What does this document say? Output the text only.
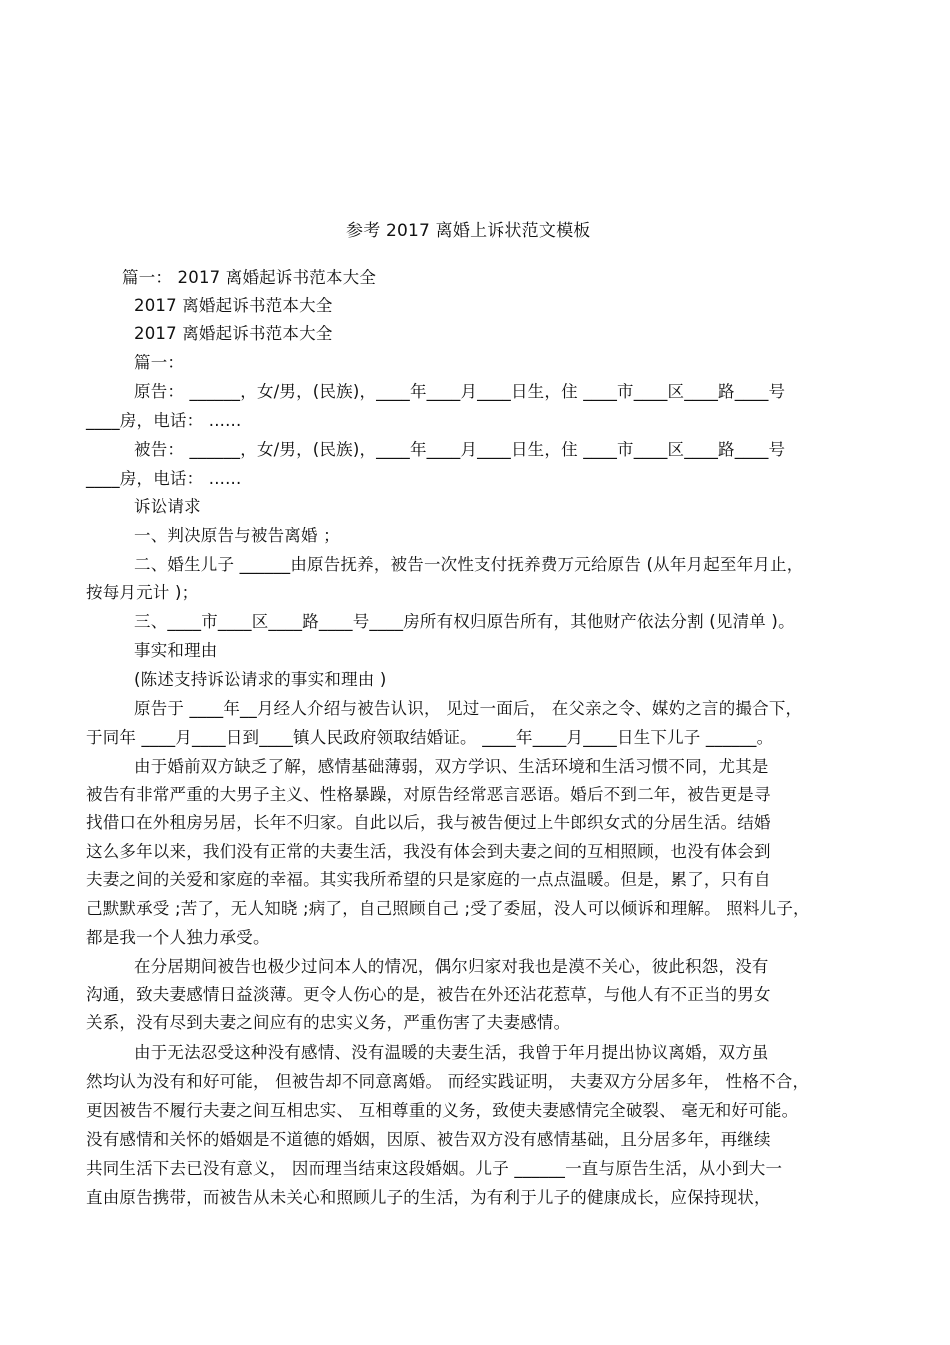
参考 2017 离婚上诉状范文模板
篇一： 2017 离婚起诉书范本大全
2017 离婚起诉书范本大全
2017 离婚起诉书范本大全
篇一：
原告： ______，女/男，(民族)，____年____月____日生，住 ____市____区____路____号
____房，电话： ......
被告： ______，女/男，(民族)，____年____月____日生，住 ____市____区____路____号
____房，电话： ......
诉讼请求
一、判决原告与被告离婚 ；
二、婚生儿子 ______由原告抚养，被告一次性支付抚养费万元给原告 (从年月起至年月止，
按每月元计 )；
三、____市____区____路____号____房所有权归原告所有，其他财产依法分割 (见清单 )。
事实和理由
(陈述支持诉讼请求的事实和理由 )
原告于 ____年__月经人介绍与被告认识， 见过一面后， 在父亲之令、媒妁之言的撮合下，
于同年 ____月____日到____镇人民政府领取结婚证。 ____年____月____日生下儿子 ______。
由于婚前双方缺乏了解，感情基础薄弱，双方学识、生活环境和生活习惯不同，尤其是
被告有非常严重的大男子主义、性格暴躁，对原告经常恶言恶语。婚后不到二年，被告更是寻
找借口在外租房另居，长年不归家。自此以后，我与被告便过上牛郎织女式的分居生活。结婚
这么多年以来，我们没有正常的夫妻生活，我没有体会到夫妻之间的互相照顾，也没有体会到
夫妻之间的关爱和家庭的幸福。其实我所希望的只是家庭的一点点温暖。但是，累了，只有自
己默默承受 ;苦了，无人知晓 ;病了，自己照顾自己 ;受了委屈，没人可以倾诉和理解。 照料儿子，
都是我一个人独力承受。
在分居期间被告也极少过问本人的情况，偶尔归家对我也是漠不关心，彼此积怨，没有
沟通，致夫妻感情日益淡薄。更令人伤心的是，被告在外还沾花惹草，与他人有不正当的男女
关系，没有尽到夫妻之间应有的忠实义务，严重伤害了夫妻感情。
由于无法忍受这种没有感情、没有温暖的夫妻生活，我曾于年月提出协议离婚，双方虽
然均认为没有和好可能， 但被告却不同意离婚。 而经实践证明， 夫妻双方分居多年， 性格不合，
更因被告不履行夫妻之间互相忠实、 互相尊重的义务，致使夫妻感情完全破裂、 毫无和好可能。
没有感情和关怀的婚姻是不道德的婚姻，因原、被告双方没有感情基础，且分居多年，再继续
共同生活下去已没有意义， 因而理当结束这段婚姻。儿子 ______一直与原告生活，从小到大一
直由原告携带，而被告从未关心和照顾儿子的生活，为有利于儿子的健康成长，应保持现状，
